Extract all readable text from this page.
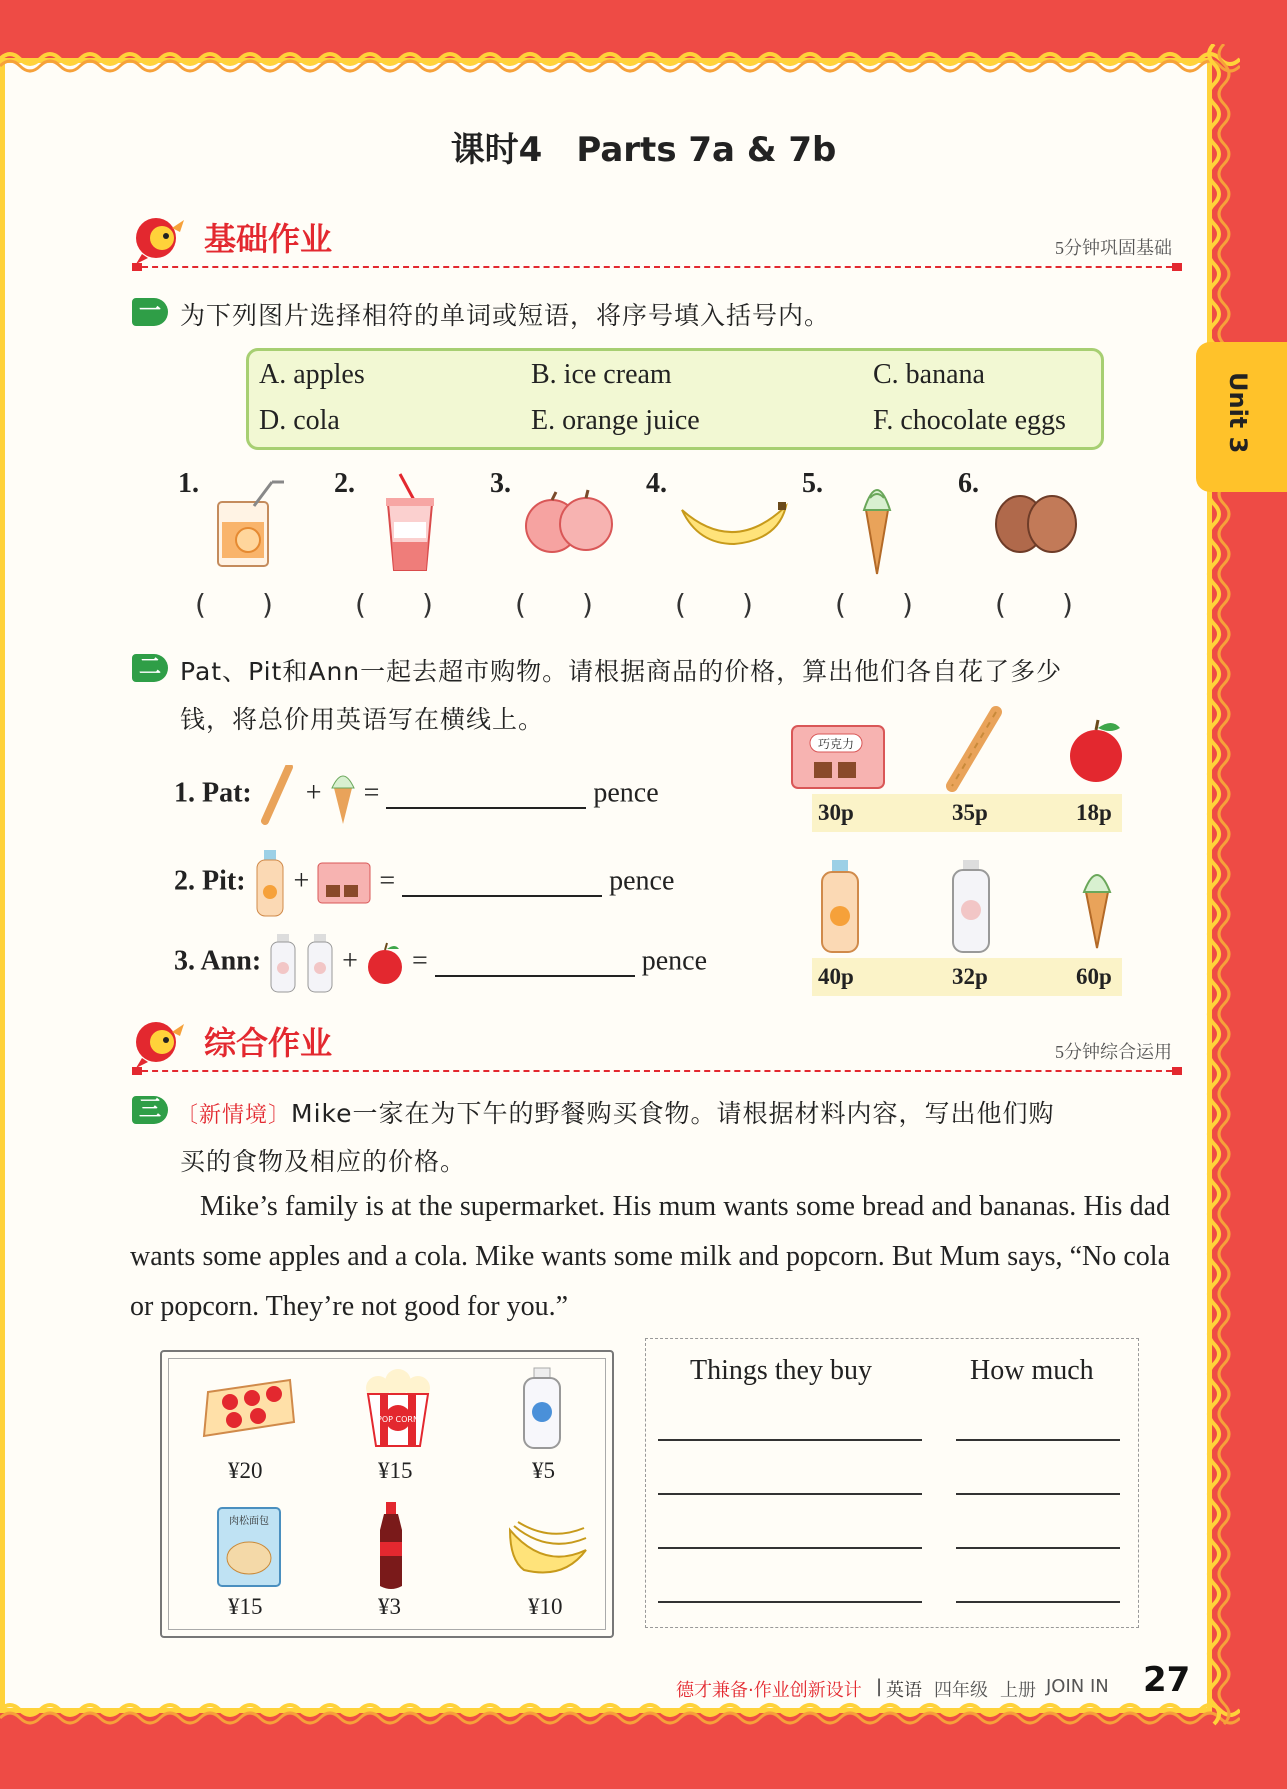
Unit 3
课时4　Parts 7a & 7b
基础作业	5分钟巩固基础
一 为下列图片选择相符的单词或短语，将序号填入括号内。
A. apples	B. ice cream	C. banana
D. cola	E. orange juice	F. chocolate eggs
1.	2.	3.	4.	5.	6.
( )	( )	( )	( )	( )	( )
二 Pat、Pit和Ann一起去超市购物。请根据商品的价格，算出他们各自花了多少
钱，将总价用英语写在横线上。
1. Pat: + =	pence
2. Pit: +	=	pence
3. Ann:	+ =	pence
巧克力
30p	35p	18p
40p	32p	60p
综合作业	5分钟综合运用
三 〔新情境〕Mike一家在为下午的野餐购买食物。请根据材料内容，写出他们购
买的食物及相应的价格。
Mike’s family is at the supermarket. His mum wants some bread and bananas. His dad wants some apples and a cola. Mike wants some milk and popcorn. But Mum says, “No cola or popcorn. They’re not good for you.”
POP CORN
¥20	¥15	¥5
肉松面包
¥15	¥3	¥10
Things they buy	How much
德才兼备·作业创新设计 | 英语 四年级 上册 JOIN IN 27
